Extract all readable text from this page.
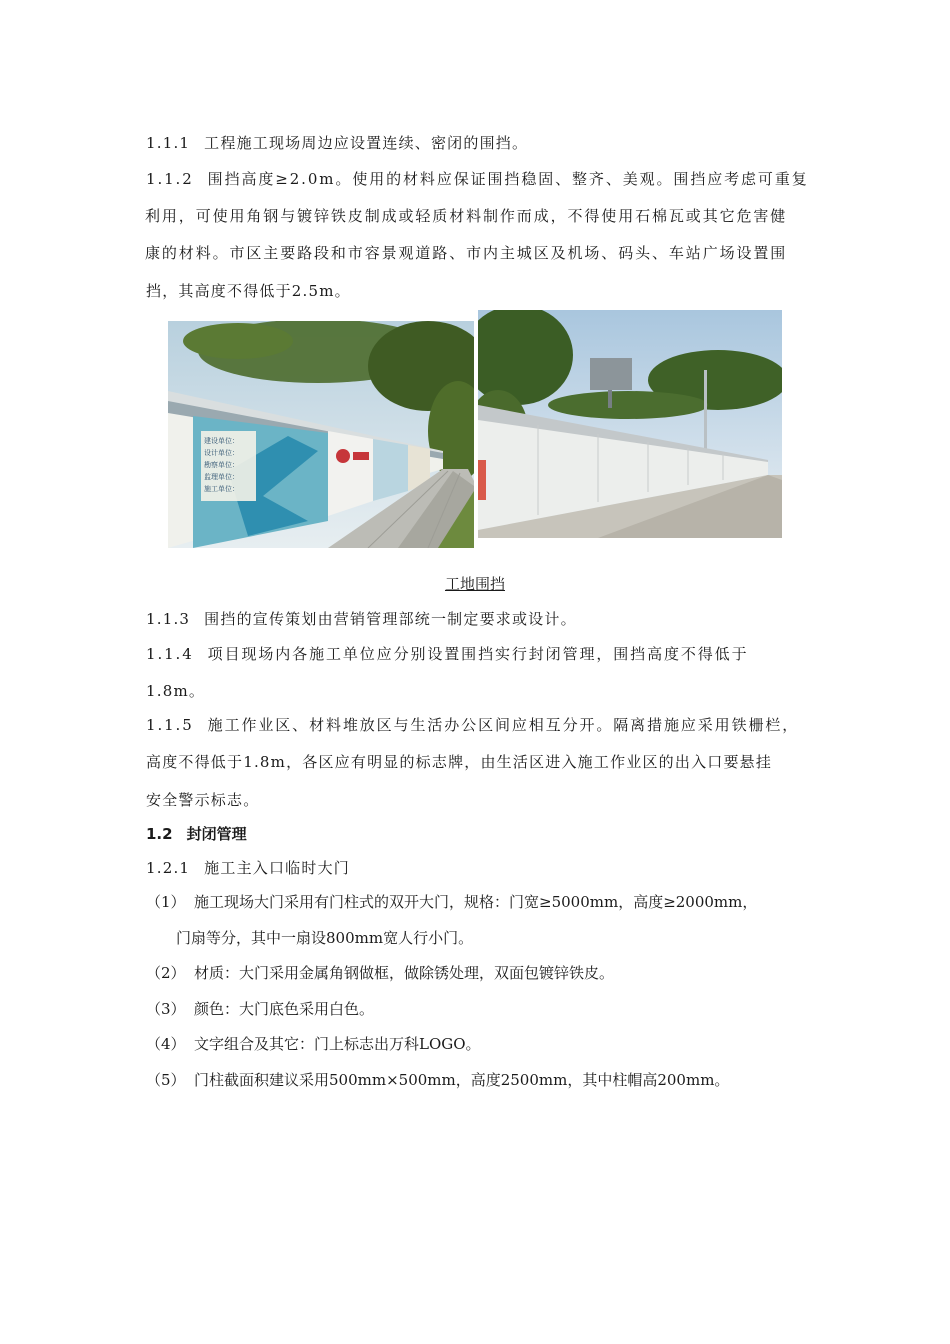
1.1.1 工程施工现场周边应设置连续、密闭的围挡。
1.1.2 围挡高度≥2.0m。使用的材料应保证围挡稳固、整齐、美观。围挡应考虑可重复
利用，可使用角钢与镀锌铁皮制成或轻质材料制作而成，不得使用石棉瓦或其它危害健
康的材料。市区主要路段和市容景观道路、市内主城区及机场、码头、车站广场设置围
挡，其高度不得低于2.5m。
建设单位：
设计单位：
勘察单位：
监理单位：
施工单位：
工地围挡
1.1.3 围挡的宣传策划由营销管理部统一制定要求或设计。
1.1.4 项目现场内各施工单位应分别设置围挡实行封闭管理，围挡高度不得低于
1.8m。
1.1.5 施工作业区、材料堆放区与生活办公区间应相互分开。隔离措施应采用铁栅栏，
高度不得低于1.8m，各区应有明显的标志牌，由生活区进入施工作业区的出入口要悬挂
安全警示标志。
1.2 封闭管理
1.2.1 施工主入口临时大门
（1） 施工现场大门采用有门柱式的双开大门，规格：门宽≥5000mm，高度≥2000mm，
门扇等分，其中一扇设800mm宽人行小门。
（2） 材质：大门采用金属角钢做框，做除锈处理，双面包镀锌铁皮。
（3） 颜色：大门底色采用白色。
（4） 文字组合及其它：门上标志出万科LOGO。
（5） 门柱截面积建议采用500mm×500mm，高度2500mm，其中柱帽高200mm。
